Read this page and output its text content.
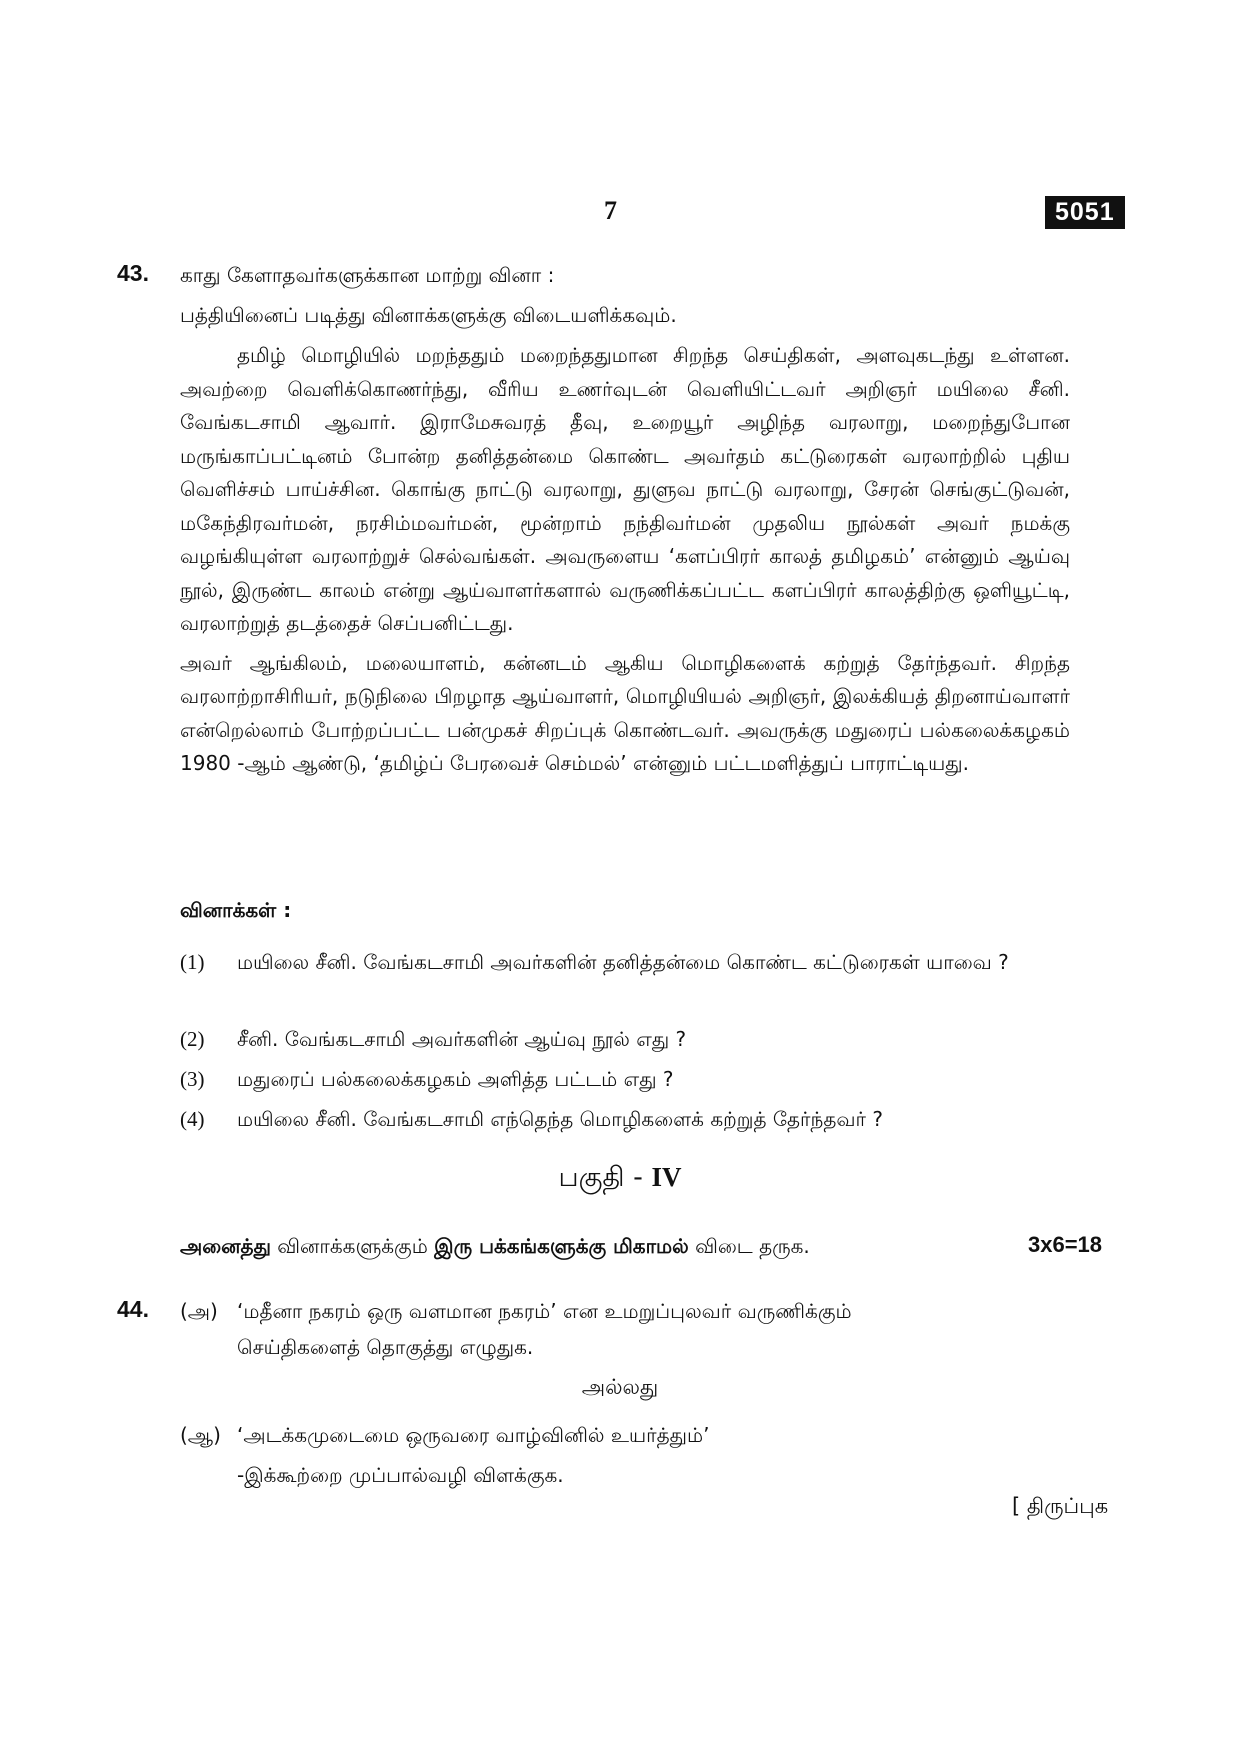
7	5051
43. காது கேளாதவர்களுக்கான மாற்று வினா :
பத்தியினைப் படித்து வினாக்களுக்கு விடையளிக்கவும்.

தமிழ் மொழியில் மறந்ததும் மறைந்ததுமான சிறந்த செய்திகள், அளவுகடந்து உள்ளன. அவற்றை வெளிக்கொணர்ந்து, வீரிய உணர்வுடன் வெளியிட்டவர் அறிஞர் மயிலை சீனி. வேங்கடசாமி ஆவார். இராமேசுவரத் தீவு, உறையூர் அழிந்த வரலாறு, மறைந்துபோன மருங்காப்பட்டினம் போன்ற தனித்தன்மை கொண்ட அவர்தம் கட்டுரைகள் வரலாற்றில் புதிய வெளிச்சம் பாய்ச்சின. கொங்கு நாட்டு வரலாறு, துளுவ நாட்டு வரலாறு, சேரன் செங்குட்டுவன், மகேந்திரவர்மன், நரசிம்மவர்மன், மூன்றாம் நந்திவர்மன் முதலிய நூல்கள் அவர் நமக்கு வழங்கியுள்ள வரலாற்றுச் செல்வங்கள். அவருளைய ‘களப்பிரர் காலத் தமிழகம்’ என்னும் ஆய்வு நூல், இருண்ட காலம் என்று ஆய்வாளர்களால் வருணிக்கப்பட்ட களப்பிரர் காலத்திற்கு ஒளியூட்டி, வரலாற்றுத் தடத்தைச் செப்பனிட்டது.

அவர் ஆங்கிலம், மலையாளம், கன்னடம் ஆகிய மொழிகளைக் கற்றுத் தேர்ந்தவர். சிறந்த வரலாற்றாசிரியர், நடுநிலை பிறழாத ஆய்வாளர், மொழியியல் அறிஞர், இலக்கியத் திறனாய்வாளர் என்றெல்லாம் போற்றப்பட்ட பன்முகச் சிறப்புக் கொண்டவர். அவருக்கு மதுரைப் பல்கலைக்கழகம் 1980 -ஆம் ஆண்டு, ‘தமிழ்ப் பேரவைச் செம்மல்’ என்னும் பட்டமளித்துப் பாராட்டியது.

வினாக்கள் :
(1) மயிலை சீனி. வேங்கடசாமி அவர்களின் தனித்தன்மை கொண்ட கட்டுரைகள் யாவை ?
(2) சீனி. வேங்கடசாமி அவர்களின் ஆய்வு நூல் எது ?
(3) மதுரைப் பல்கலைக்கழகம் அளித்த பட்டம் எது ?
(4) மயிலை சீனி. வேங்கடசாமி எந்தெந்த மொழிகளைக் கற்றுத் தேர்ந்தவர் ?
பகுதி - IV
அனைத்து வினாக்களுக்கும் இரு பக்கங்களுக்கு மிகாமல் விடை தருக.	3x6=18
44. (அ) ‘மதீனா நகரம் ஒரு வளமான நகரம்’ என உமறுப்புலவர் வருணிக்கும்
செய்திகளைத் தொகுத்து எழுதுக.
அல்லது
(ஆ) ‘அடக்கமுடைமை ஒருவரை வாழ்வினில் உயர்த்தும்’
-இக்கூற்றை முப்பால்வழி விளக்குக.
[ திருப்புக
